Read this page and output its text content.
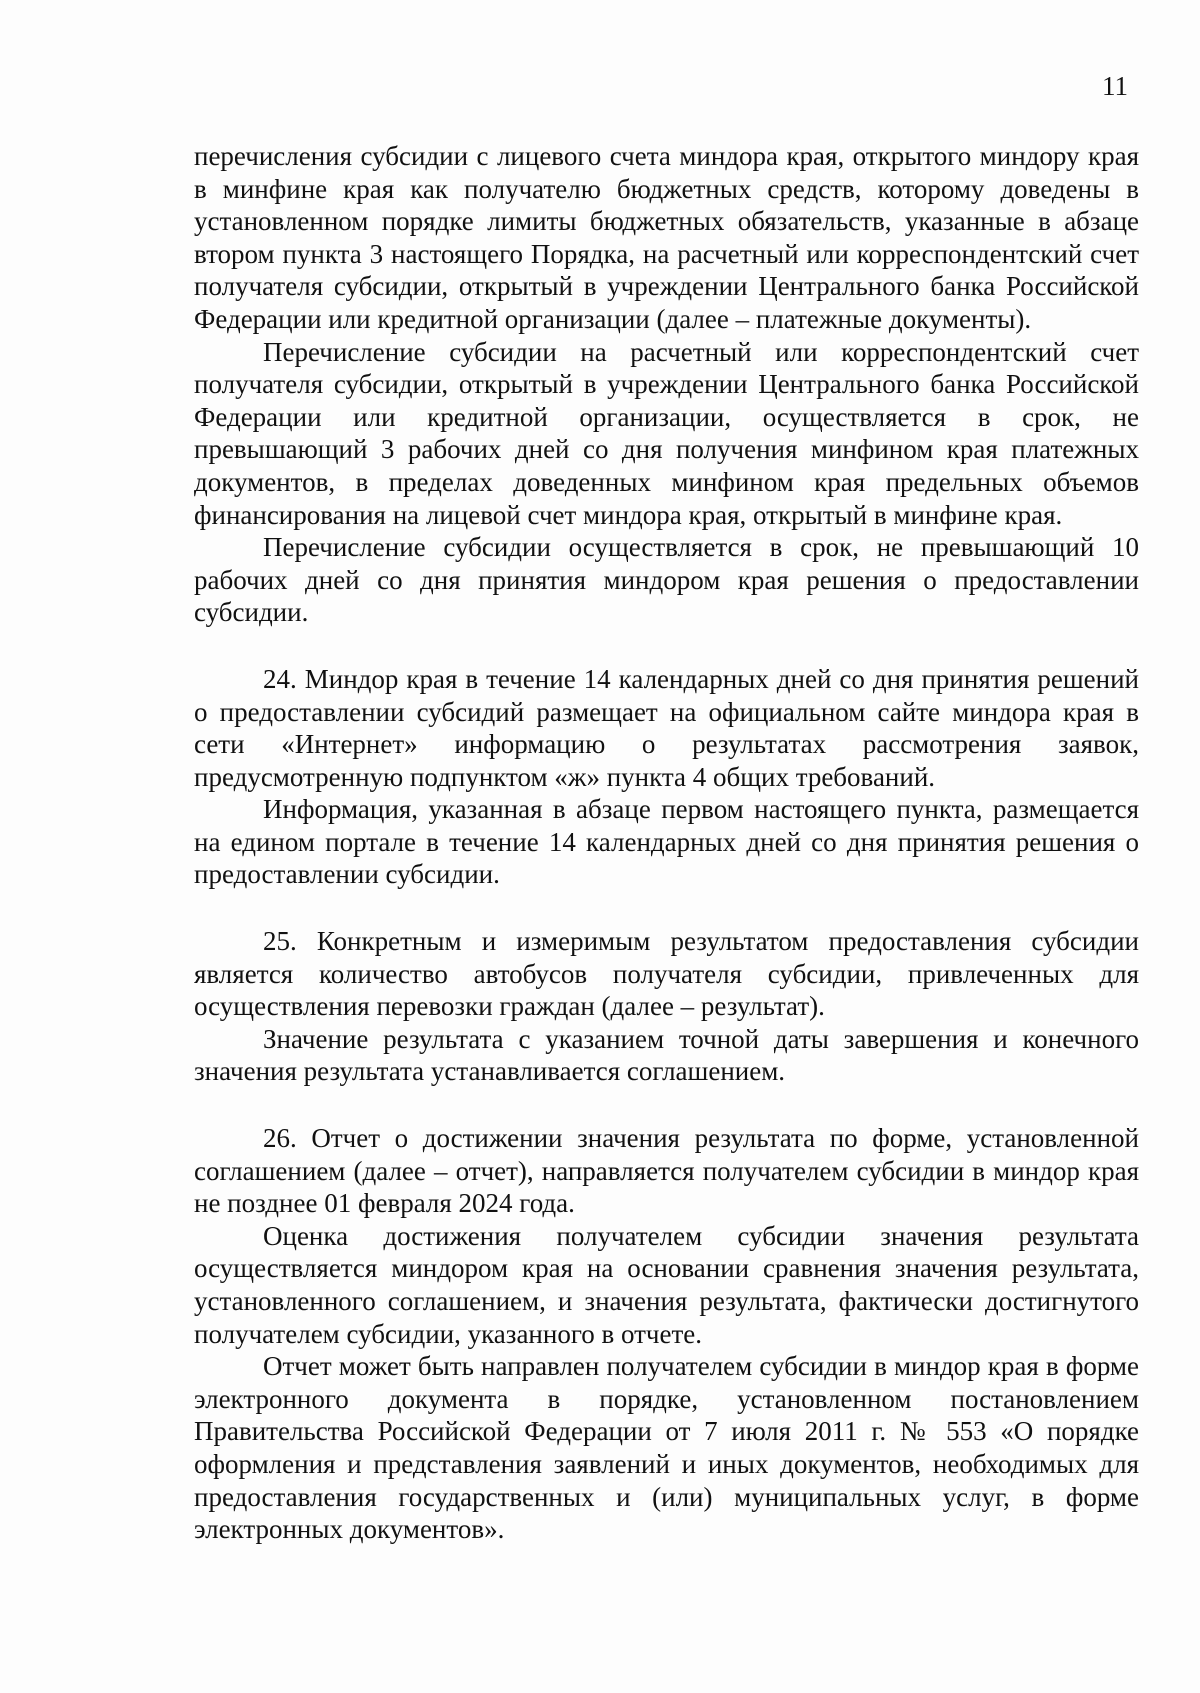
11

перечисления субсидии с лицевого счета миндора края, открытого миндору края в минфине края как получателю бюджетных средств, которому доведены в установленном порядке лимиты бюджетных обязательств, указанные в абзаце втором пункта 3 настоящего Порядка, на расчетный или корреспондентский счет получателя субсидии, открытый в учреждении Центрального банка Российской Федерации или кредитной организации (далее – платежные документы).

Перечисление субсидии на расчетный или корреспондентский счет получателя субсидии, открытый в учреждении Центрального банка Российской Федерации или кредитной организации, осуществляется в срок, не превышающий 3 рабочих дней со дня получения минфином края платежных документов, в пределах доведенных минфином края предельных объемов финансирования на лицевой счет миндора края, открытый в минфине края.

Перечисление субсидии осуществляется в срок, не превышающий 10 рабочих дней со дня принятия миндором края решения о предоставлении субсидии.

24. Миндор края в течение 14 календарных дней со дня принятия решений о предоставлении субсидий размещает на официальном сайте миндора края в сети «Интернет» информацию о результатах рассмотрения заявок, предусмотренную подпунктом «ж» пункта 4 общих требований.

Информация, указанная в абзаце первом настоящего пункта, размещается на едином портале в течение 14 календарных дней со дня принятия решения о предоставлении субсидии.

25. Конкретным и измеримым результатом предоставления субсидии является количество автобусов получателя субсидии, привлеченных для осуществления перевозки граждан (далее – результат).

Значение результата с указанием точной даты завершения и конечного значения результата устанавливается соглашением.

26. Отчет о достижении значения результата по форме, установленной соглашением (далее – отчет), направляется получателем субсидии в миндор края не позднее 01 февраля 2024 года.

Оценка достижения получателем субсидии значения результата осуществляется миндором края на основании сравнения значения результата, установленного соглашением, и значения результата, фактически достигнутого получателем субсидии, указанного в отчете.

Отчет может быть направлен получателем субсидии в миндор края в форме электронного документа в порядке, установленном постановлением Правительства Российской Федерации от 7 июля 2011 г. № 553 «О порядке оформления и представления заявлений и иных документов, необходимых для предоставления государственных и (или) муниципальных услуг, в форме электронных документов».
